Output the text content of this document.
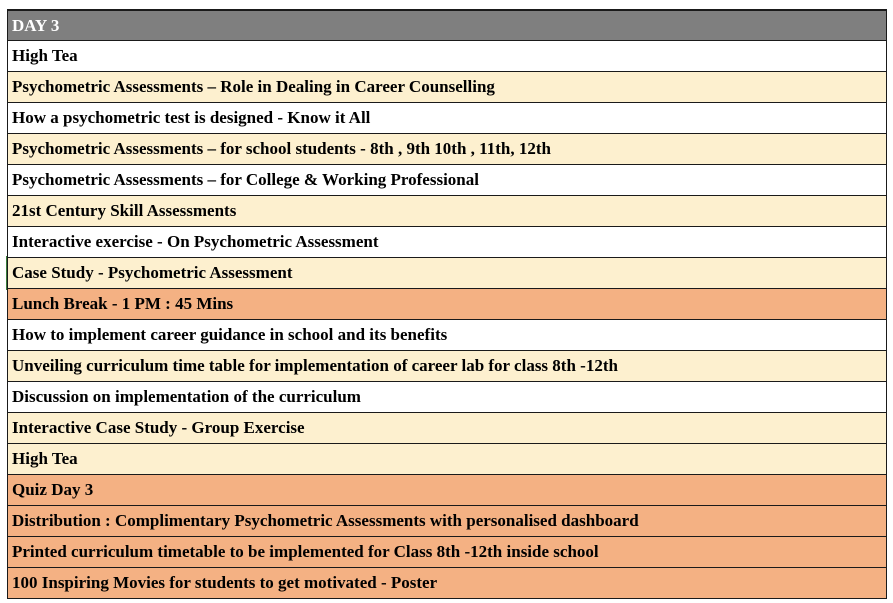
DAY 3
High Tea
Psychometric Assessments – Role in Dealing in Career Counselling
How a psychometric test is designed - Know it All
Psychometric Assessments – for school students - 8th , 9th 10th , 11th, 12th
Psychometric Assessments – for College & Working Professional
21st Century Skill Assessments
Interactive exercise - On Psychometric Assessment
Case Study - Psychometric Assessment
Lunch Break - 1 PM : 45 Mins
How to implement career guidance in school and its benefits
Unveiling curriculum time table for implementation of career lab for class 8th -12th
Discussion on implementation of the curriculum
Interactive Case Study - Group Exercise
High Tea
Quiz Day 3
Distribution : Complimentary Psychometric Assessments with personalised dashboard
Printed curriculum timetable to be implemented for Class 8th -12th inside school
100 Inspiring Movies for students to get motivated - Poster
